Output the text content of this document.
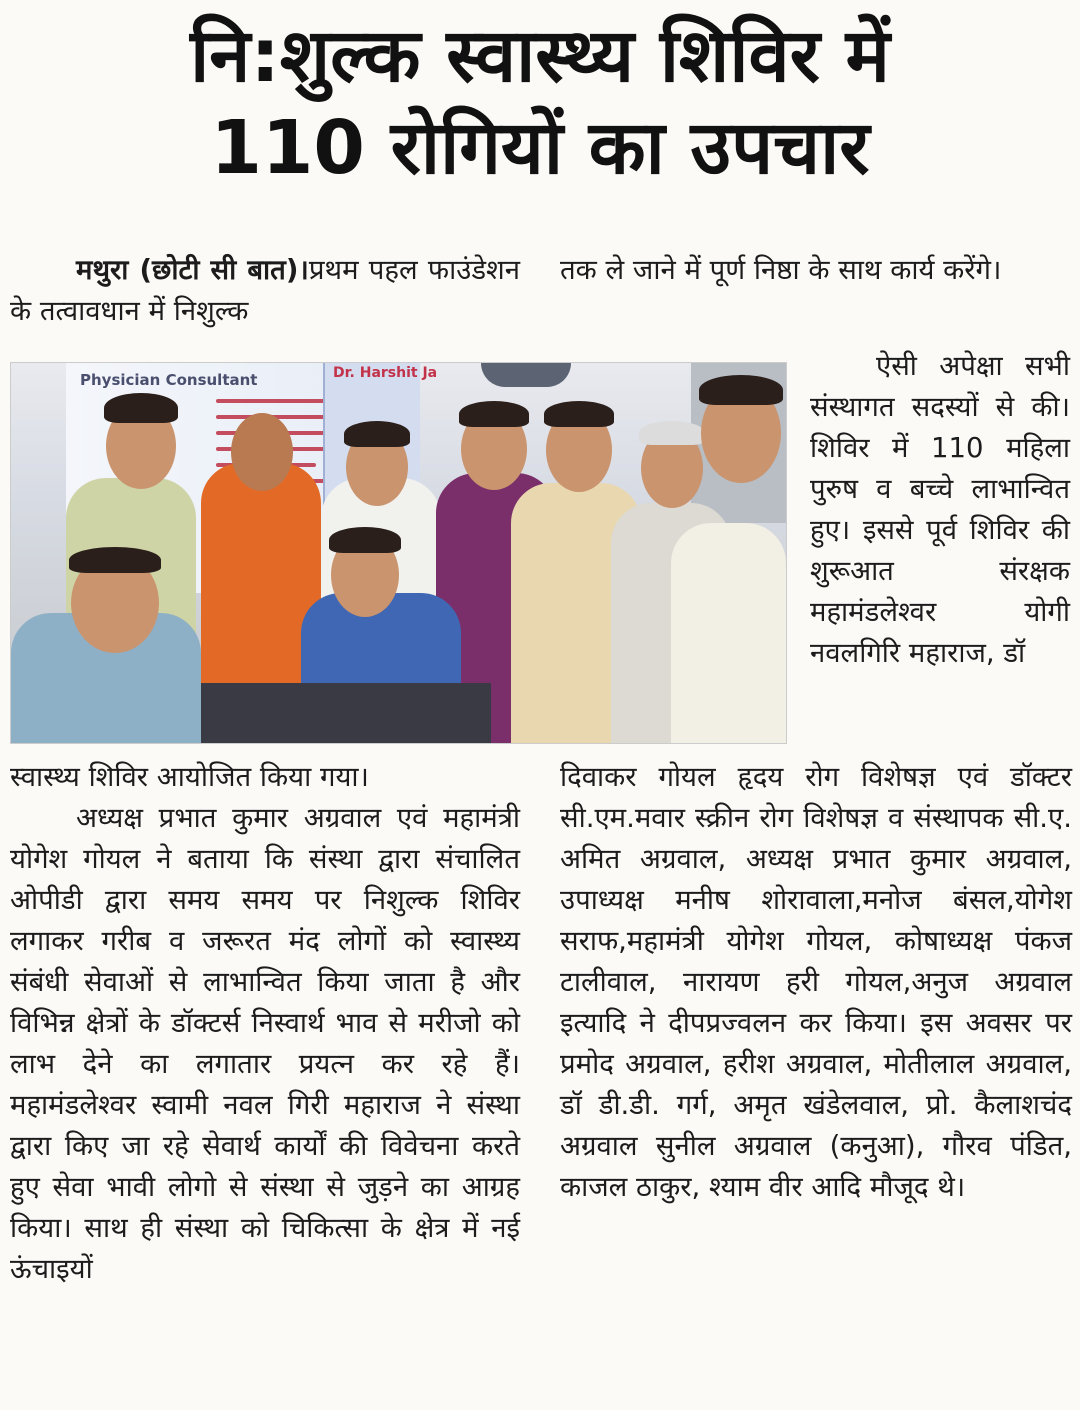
नि:शुल्क स्वास्थ्य शिविर में
110 रोगियों का उपचार

मथुरा (छोटी सी बात)।प्रथम पहल फाउंडेशन के तत्वावधान में निशुल्क

तक ले जाने में पूर्ण निष्ठा के साथ कार्य करेंगे।

Physician Consultant	Dr. Harshit Ja	ऐसी अपेक्षा सभी संस्थागत सदस्यों से की। शिविर में 110 महिला पुरुष व बच्चे लाभान्वित हुए। इससे पूर्व शिविर की शुरूआत संरक्षक महामंडलेश्वर योगी नवलगिरि महाराज, डॉ

स्वास्थ्य शिविर आयोजित किया गया।

अध्यक्ष प्रभात कुमार अग्रवाल एवं महामंत्री योगेश गोयल ने बताया कि संस्था द्वारा संचालित ओपीडी द्वारा समय समय पर निशुल्क शिविर लगाकर गरीब व जरूरत मंद लोगों को स्वास्थ्य संबंधी सेवाओं से लाभान्वित किया जाता है और विभिन्न क्षेत्रों के डॉक्टर्स निस्वार्थ भाव से मरीजो को लाभ देने का लगातार प्रयत्न कर रहे हैं। महामंडलेश्वर स्वामी नवल गिरी महाराज ने संस्था द्वारा किए जा रहे सेवार्थ कार्यों की विवेचना करते हुए सेवा भावी लोगो से संस्था से जुड़ने का आग्रह किया। साथ ही संस्था को चिकित्सा के क्षेत्र में नई ऊंचाइयों

दिवाकर गोयल हृदय रोग विशेषज्ञ एवं डॉक्टर सी.एम.मवार स्क्रीन रोग विशेषज्ञ व संस्थापक सी.ए. अमित अग्रवाल, अध्यक्ष प्रभात कुमार अग्रवाल, उपाध्यक्ष मनीष शोरावाला,मनोज बंसल,योगेश सराफ,महामंत्री योगेश गोयल, कोषाध्यक्ष पंकज टालीवाल, नारायण हरी गोयल,अनुज अग्रवाल इत्यादि ने दीपप्रज्वलन कर किया। इस अवसर पर प्रमोद अग्रवाल, हरीश अग्रवाल, मोतीलाल अग्रवाल, डॉ डी.डी. गर्ग, अमृत खंडेलवाल, प्रो. कैलाशचंद अग्रवाल सुनील अग्रवाल (कनुआ), गौरव पंडित, काजल ठाकुर, श्याम वीर आदि मौजूद थे।
